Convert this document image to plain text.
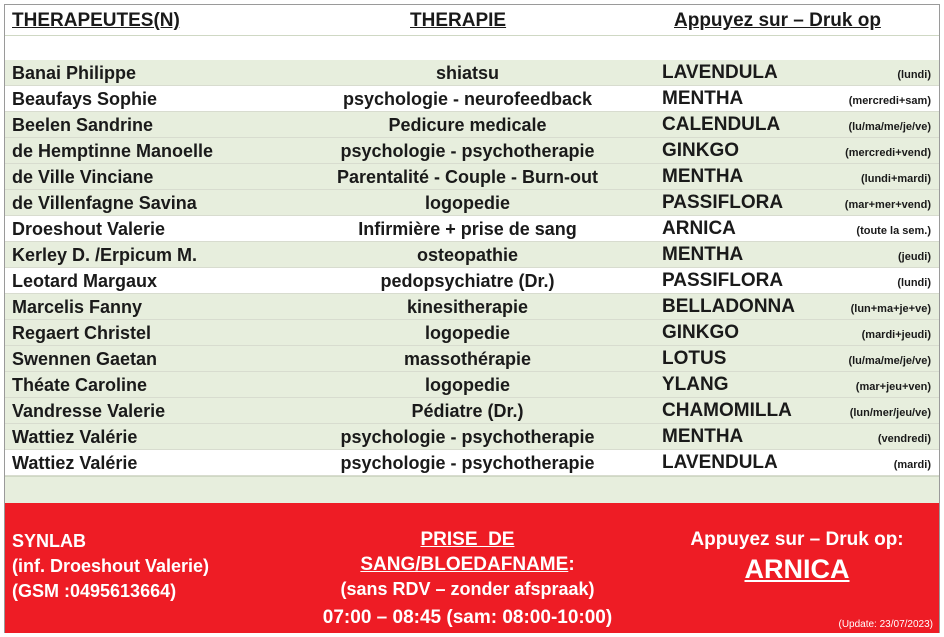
THERAPEUTES(N)	THERAPIE	Appuyez sur – Druk op
Banai Philippe	shiatsu	LAVENDULA	(lundi)
Beaufays Sophie	psychologie - neurofeedback	MENTHA	(mercredi+sam)
Beelen Sandrine	Pedicure medicale	CALENDULA	(lu/ma/me/je/ve)
de Hemptinne Manoelle	psychologie - psychotherapie	GINKGO	(mercredi+vend)
de Ville Vinciane	Parentalité - Couple - Burn-out	MENTHA	(lundi+mardi)
de Villenfagne Savina	logopedie	PASSIFLORA	(mar+mer+vend)
Droeshout Valerie	Infirmière + prise de sang	ARNICA	(toute la sem.)
Kerley D. /Erpicum M.	osteopathie	MENTHA	(jeudi)
Leotard Margaux	pedopsychiatre (Dr.)	PASSIFLORA	(lundi)
Marcelis Fanny	kinesitherapie	BELLADONNA	(lun+ma+je+ve)
Regaert Christel	logopedie	GINKGO	(mardi+jeudi)
Swennen Gaetan	massothérapie	LOTUS	(lu/ma/me/je/ve)
Théate Caroline	logopedie	YLANG	(mar+jeu+ven)
Vandresse Valerie	Pédiatre (Dr.)	CHAMOMILLA	(lun/mer/jeu/ve)
Wattiez Valérie	psychologie - psychotherapie	MENTHA	(vendredi)
Wattiez Valérie	psychologie - psychotherapie	LAVENDULA	(mardi)
SYNLAB
(inf. Droeshout Valerie)
(GSM :0495613664)
PRISE  DE
SANG/BLOEDAFNAME:
(sans RDV – zonder afspraak)
07:00 – 08:45 (sam: 08:00-10:00)
Appuyez sur – Druk op:
ARNICA
(Update: 23/07/2023)
